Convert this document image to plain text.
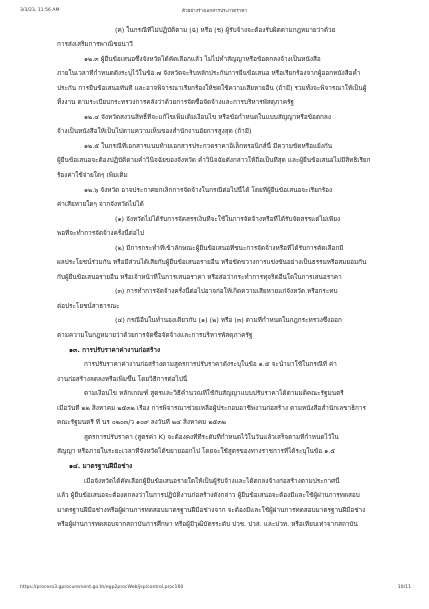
3/3/23, 11:56 AM	ตัวอย่างร่างเอกสารประกวดราคา
(ค) ในกรณีที่ไม่ปฏิบัติตาม (ฉ) หรือ (ช) ผู้รับจ้างจะต้องรับผิดตามกฎหมายว่าด้วย
การส่งเสริมการพาณิชยนาวี
๑๒.๓ ผู้ยื่นข้อเสนอซึ่งจังหวัดได้คัดเลือกแล้ว ไม่ไปทำสัญญาหรือข้อตกลงจ้างเป็นหนังสือ
ภายในเวลาที่กำหนดดังระบุไว้ในข้อ ๗ จังหวัดจะริบหลักประกันการยื่นข้อเสนอ หรือเรียกร้องจากผู้ออกหนังสือค้ำ
ประกัน การยื่นข้อเสนอทันที และอาจพิจารณาเรียกร้องให้ชดใช้ความเสียหายอื่น (ถ้ามี) รวมทั้งจะพิจารณาให้เป็นผู้
ทิ้งงาน ตามระเบียบกระทรวงการคลังว่าด้วยการจัดซื้อจัดจ้างและการบริหารพัสดุภาครัฐ
๑๒.๔ จังหวัดสงวนสิทธิ์ที่จะแก้ไขเพิ่มเติมเงื่อนไข หรือข้อกำหนดในแบบสัญญาหรือข้อตกลง
จ้างเป็นหนังสือให้เป็นไปตามความเห็นของสำนักงานอัยการสูงสุด (ถ้ามี)
๑๒.๕ ในกรณีที่เอกสารแนบท้ายเอกสารประกวดราคาอิเล็กทรอนิกส์นี้ มีความขัดหรือแย้งกัน
ผู้ยื่นข้อเสนอจะต้องปฏิบัติตามคำวินิจฉัยของจังหวัด คำวินิจฉัยดังกล่าวให้ถือเป็นที่สุด และผู้ยื่นข้อเสนอไม่มีสิทธิเรียก
ร้องค่าใช้จ่ายใดๆ เพิ่มเติม
๑๒.๖ จังหวัด อาจประกาศยกเลิกการจัดจ้างในกรณีต่อไปนี้ได้ โดยที่ผู้ยื่นข้อเสนอจะเรียกร้อง
ค่าเสียหายใดๆ จากจังหวัดไม่ได้
(๑) จังหวัดไม่ได้รับการจัดสรรเงินที่จะใช้ในการจัดจ้างหรือที่ได้รับจัดสรรแต่ไม่เพียง
พอที่จะทำการจัดจ้างครั้งนี้ต่อไป
(๒) มีการกระทำที่เข้าลักษณะผู้ยื่นข้อเสนอที่ชนะการจัดจ้างหรือที่ได้รับการคัดเลือกมี
ผลประโยชน์ร่วมกัน หรือมีส่วนได้เสียกับผู้ยื่นข้อเสนอรายอื่น หรือขัดขวางการแข่งขันอย่างเป็นธรรมหรือสมยอมกัน
กับผู้ยื่นข้อเสนอรายอื่น หรือเจ้าหน้าที่ในการเสนอราคา หรือส่อว่ากระทำการทุจริตอื่นใดในการเสนอราคา
(๓) การทำการจัดจ้างครั้งนี้ต่อไปอาจก่อให้เกิดความเสียหายแก่จังหวัด หรือกระทบ
ต่อประโยชน์สาธารณะ
(๔) กรณีอื่นในทำนองเดียวกับ (๑) (๒) หรือ (๓) ตามที่กำหนดในกฎกระทรวงซึ่งออก
ตามความในกฎหมายว่าด้วยการจัดซื้อจัดจ้างและการบริหารพัสดุภาครัฐ
๑๓. การปรับราคาค่างานก่อสร้าง
การปรับราคาค่างานก่อสร้างตามสูตรการปรับราคาดังระบุในข้อ ๑.๕ จะนำมาใช้ในกรณีที่ ค่า
งานก่อสร้างลดลงหรือเพิ่มขึ้น โดยวิธีการต่อไปนี้
ตามเงื่อนไข หลักเกณฑ์ สูตรและวิธีคำนวณที่ใช้กับสัญญาแบบปรับราคาได้ตามมติคณะรัฐมนตรี
เมื่อวันที่ ๒๒ สิงหาคม ๒๕๓๒ เรื่อง การพิจารณาช่วยเหลือผู้ประกอบอาชีพงานก่อสร้าง ตามหนังสือสำนักเลขาธิการ
คณะรัฐมนตรี ที่ นร ๐๒๐๓/ว ๑๐๙ ลงวันที่ ๒๔ สิงหาคม ๒๕๓๒
สูตรการปรับราคา (สูตรค่า K) จะต้องคงที่ที่ระดับที่กำหนดไว้ในวันแล้วเสร็จตามที่กำหนดไว้ใน
สัญญา หรือภายในระยะเวลาที่จังหวัดได้ขยายออกไป โดยจะใช้สูตรของทางราชการที่ได้ระบุในข้อ ๑.๕
๑๔. มาตรฐานฝีมือช่าง
เมื่อจังหวัดได้คัดเลือกผู้ยื่นข้อเสนอรายใดให้เป็นผู้รับจ้างและได้ตกลงจ้างก่อสร้างตามประกาศนี้
แล้ว ผู้ยื่นข้อเสนอจะต้องตกลงว่าในการปฏิบัติงานก่อสร้างดังกล่าว ผู้ยื่นข้อเสนอจะต้องมีและใช้ผู้ผ่านการทดสอบ
มาตรฐานฝีมือช่างหรือผู้ผ่านการทดสอบมาตรฐานฝีมือช่างจาก จะต้องมีและใช้ผู้ผ่านการทดสอบมาตรฐานฝีมือช่าง
หรือผู้ผ่านการทดสอบจากสถาบันการศึกษา หรือผู้มีวุฒิบัตรระดับ ปวช. ปวส. และปวท. หรือเทียบเท่าจากสถาบัน
https://process3.gprocurement.go.th/egp2procWeb/jsp/control.proc160	10/11
